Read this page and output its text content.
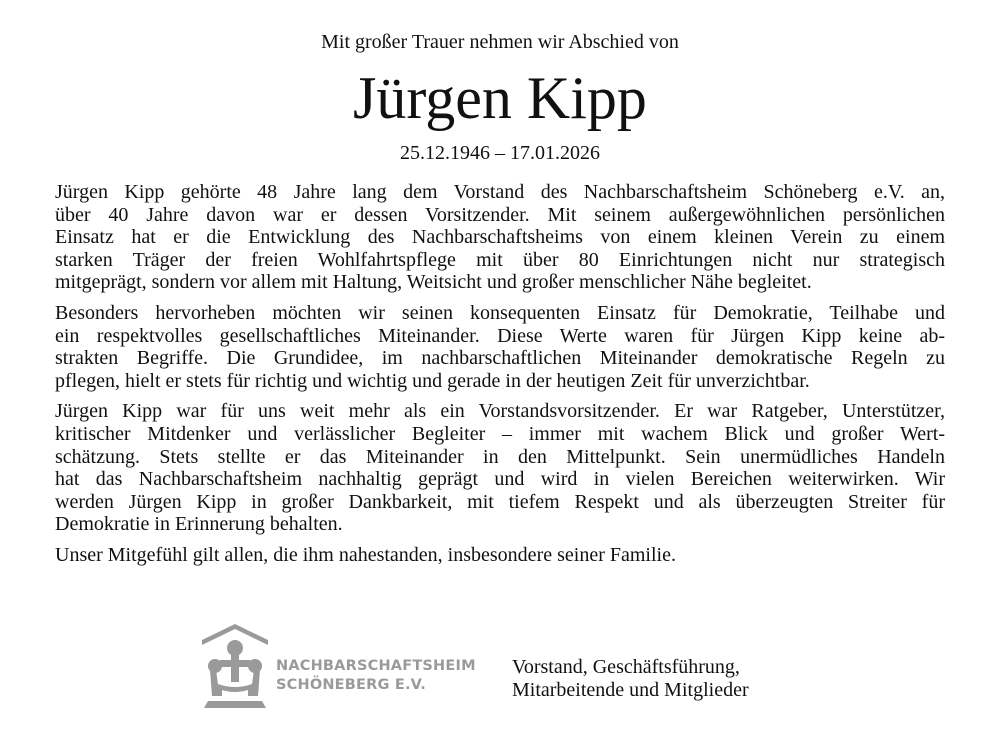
Mit großer Trauer nehmen wir Abschied von
Jürgen Kipp
25.12.1946 – 17.01.2026
Jürgen Kipp gehörte 48 Jahre lang dem Vorstand des Nachbarschaftsheim Schöneberg e.V. an,
über 40 Jahre davon war er dessen Vorsitzender. Mit seinem außergewöhnlichen persönlichen
Einsatz hat er die Entwicklung des Nachbarschaftsheims von einem kleinen Verein zu einem
starken Träger der freien Wohlfahrtspflege mit über 80 Einrichtungen nicht nur strategisch
mitgeprägt, sondern vor allem mit Haltung, Weitsicht und großer menschlicher Nähe begleitet.
Besonders hervorheben möchten wir seinen konsequenten Einsatz für Demokratie, Teilhabe und
ein respektvolles gesellschaftliches Miteinander. Diese Werte waren für Jürgen Kipp keine ab-
strakten Begriffe. Die Grundidee, im nachbarschaftlichen Miteinander demokratische Regeln zu
pflegen, hielt er stets für richtig und wichtig und gerade in der heutigen Zeit für unverzichtbar.
Jürgen Kipp war für uns weit mehr als ein Vorstandsvorsitzender. Er war Ratgeber, Unterstützer,
kritischer Mitdenker und verlässlicher Begleiter – immer mit wachem Blick und großer Wert-
schätzung. Stets stellte er das Miteinander in den Mittelpunkt. Sein unermüdliches Handeln
hat das Nachbarschaftsheim nachhaltig geprägt und wird in vielen Bereichen weiterwirken. Wir
werden Jürgen Kipp in großer Dankbarkeit, mit tiefem Respekt und als überzeugten Streiter für
Demokratie in Erinnerung behalten.
Unser Mitgefühl gilt allen, die ihm nahestanden, insbesondere seiner Familie.
NACHBARSCHAFTSHEIM
SCHÖNEBERG E.V.
Vorstand, Geschäftsführung,
Mitarbeitende und Mitglieder
